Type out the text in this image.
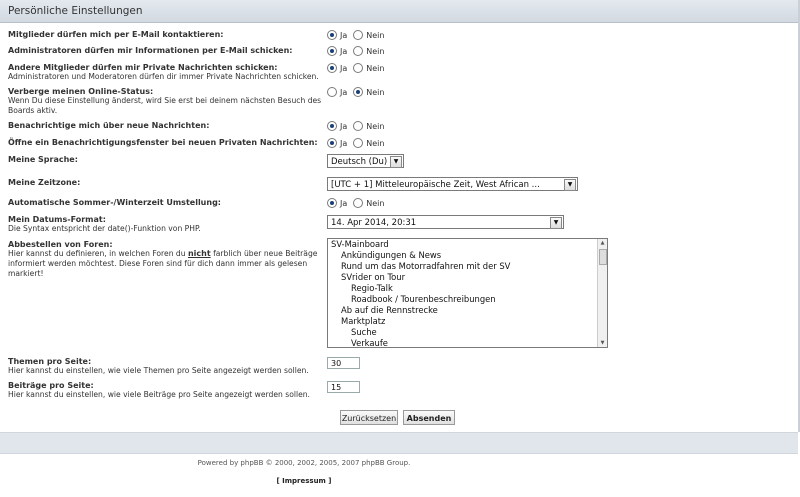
Persönliche Einstellungen
Mitglieder dürfen mich per E-Mail kontaktieren:	Ja Nein
Administratoren dürfen mir Informationen per E-Mail schicken:	Ja Nein
Andere Mitglieder dürfen mir Private Nachrichten schicken:
Administratoren und Moderatoren dürfen dir immer Private Nachrichten schicken.
Ja Nein
Verberge meinen Online-Status:
Wenn Du diese Einstellung änderst, wird Sie erst bei deinem nächsten Besuch des Boards aktiv.
Ja Nein
Benachrichtige mich über neue Nachrichten:	Ja Nein
Öffne ein Benachrichtigungsfenster bei neuen Privaten Nachrichten:	Ja Nein
Meine Sprache:	Deutsch (Du)	▼
Meine Zeitzone:	[UTC + 1] Mitteleuropäische Zeit, West African ...	▼
Automatische Sommer-/Winterzeit Umstellung:	Ja Nein
Mein Datums-Format:
Die Syntax entspricht der date()-Funktion von PHP.
14. Apr 2014, 20:31	▼
Abbestellen von Foren:
Hier kannst du definieren, in welchen Foren du nicht farblich über neue Beiträge informiert werden möchtest. Diese Foren sind für dich dann immer als gelesen markiert!
SV-Mainboard
Ankündigungen & News
Rund um das Motorradfahren mit der SV
SVrider on Tour
Regio-Talk
Roadbook / Tourenbeschreibungen
Ab auf die Rennstrecke
Marktplatz
Suche
Verkaufe
▲
▼
Themen pro Seite:
Hier kannst du einstellen, wie viele Themen pro Seite angezeigt werden sollen.
30
Beiträge pro Seite:
Hier kannst du einstellen, wie viele Beiträge pro Seite angezeigt werden sollen.
15
Zurücksetzen	Absenden
Powered by phpBB © 2000, 2002, 2005, 2007 phpBB Group.
[ Impressum ]
